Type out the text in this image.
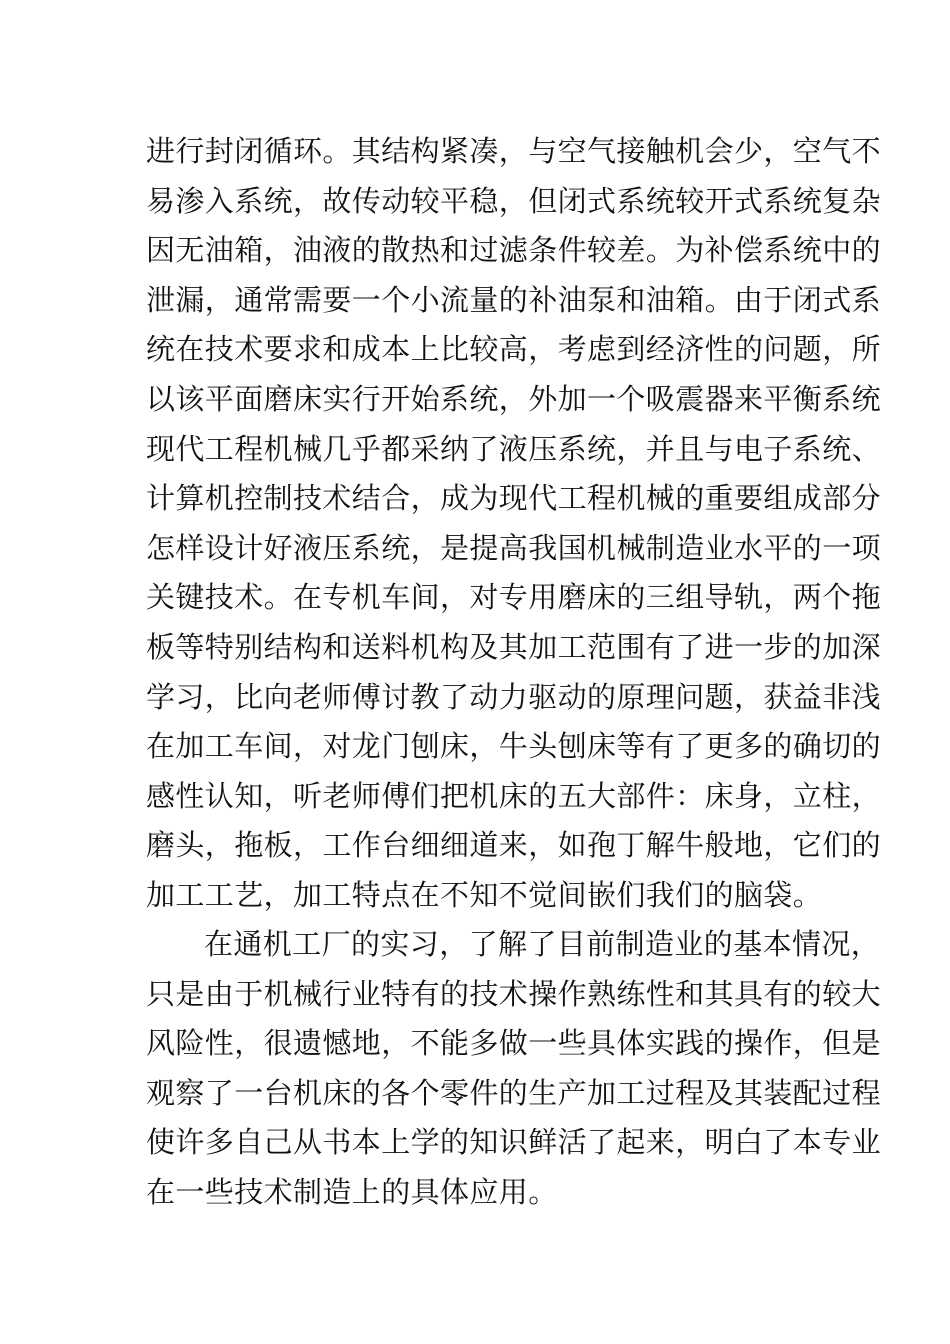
进行封闭循环。其结构紧凑，与空气接触机会少，空气不
易渗入系统，故传动较平稳，但闭式系统较开式系统复杂
因无油箱，油液的散热和过滤条件较差。为补偿系统中的
泄漏，通常需要一个小流量的补油泵和油箱。由于闭式系
统在技术要求和成本上比较高，考虑到经济性的问题，所
以该平面磨床实行开始系统，外加一个吸震器来平衡系统
现代工程机械几乎都采纳了液压系统，并且与电子系统、
计算机控制技术结合，成为现代工程机械的重要组成部分
怎样设计好液压系统，是提高我国机械制造业水平的一项
关键技术。在专机车间，对专用磨床的三组导轨，两个拖
板等特别结构和送料机构及其加工范围有了进一步的加深
学习，比向老师傅讨教了动力驱动的原理问题，获益非浅
在加工车间，对龙门刨床，牛头刨床等有了更多的确切的
感性认知，听老师傅们把机床的五大部件：床身，立柱，
磨头，拖板，工作台细细道来，如孢丁解牛般地，它们的
加工工艺，加工特点在不知不觉间嵌们我们的脑袋。
在通机工厂的实习，了解了目前制造业的基本情况，
只是由于机械行业特有的技术操作熟练性和其具有的较大
风险性，很遗憾地，不能多做一些具体实践的操作，但是
观察了一台机床的各个零件的生产加工过程及其装配过程
使许多自己从书本上学的知识鲜活了起来，明白了本专业
在一些技术制造上的具体应用。
